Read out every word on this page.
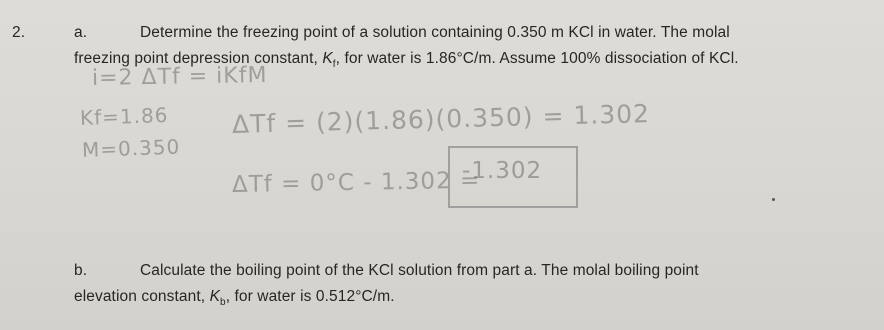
2.	a.	Determine the freezing point of a solution containing 0.350 m KCl in water. The molal
freezing point depression constant, $K_f$, for water is 1.86°C/m. Assume 100% dissociation of KCl.
i=2 ΔTf = iKfM
Kf=1.86	ΔTf = (2)(1.86)(0.350) = 1.302
M=0.350
ΔTf = 0°C - 1.302 =
-1.302
b.	Calculate the boiling point of the KCl solution from part a. The molal boiling point
elevation constant, $K_b$, for water is 0.512°C/m.
